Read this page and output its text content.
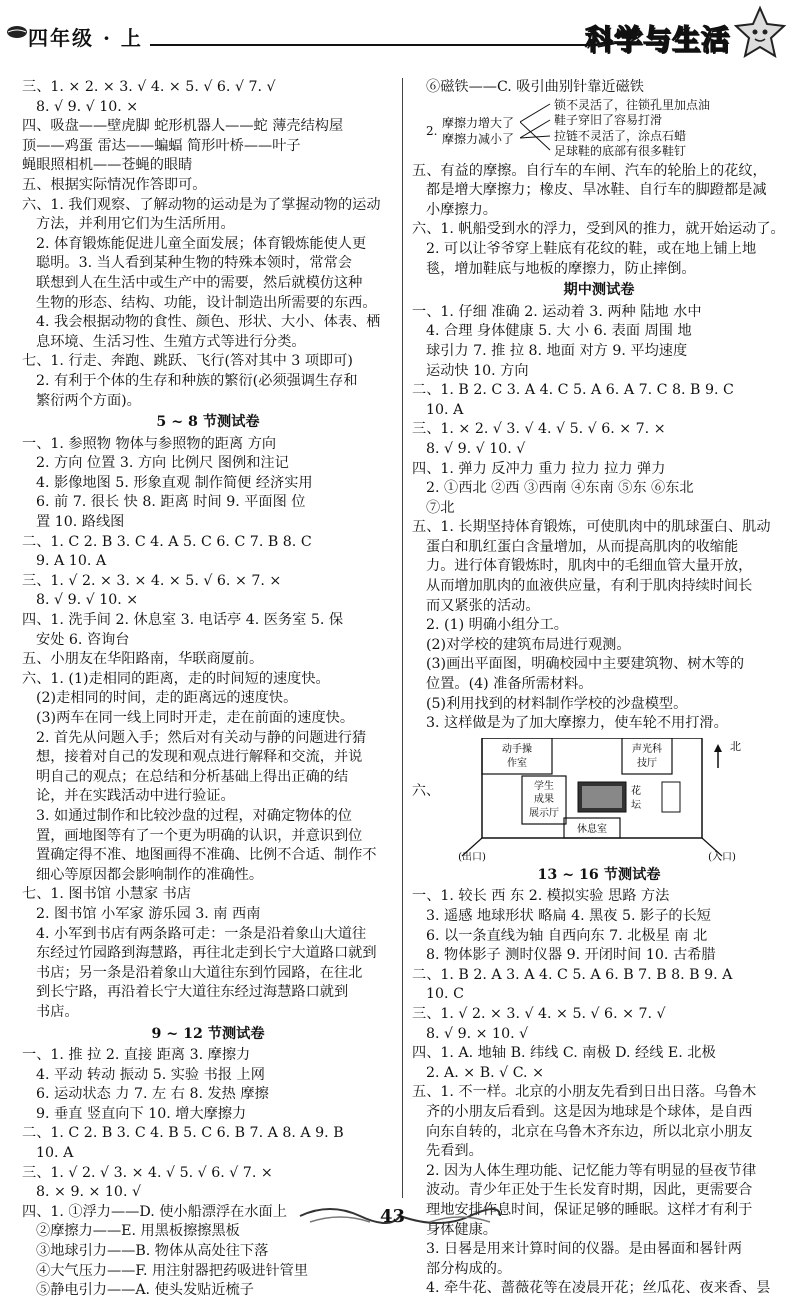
四年级 · 上	科学与生活
三、1. × 2. × 3. √ 4. × 5. √ 6. √ 7. √
8. √ 9. √ 10. ×
四、吸盘——壁虎脚 蛇形机器人——蛇 薄壳结构屋
顶——鸡蛋 雷达——蝙蝠 简形叶桥——叶子
蝇眼照相机——苍蝇的眼睛
五、根据实际情况作答即可。
六、1. 我们观察、了解动物的运动是为了掌握动物的运动
方法，并利用它们为生活所用。
2. 体育锻炼能促进儿童全面发展；体育锻炼能使人更
聪明。3. 当人看到某种生物的特殊本领时，常常会
联想到人在生活中或生产中的需要，然后就模仿这种
生物的形态、结构、功能，设计制造出所需要的东西。
4. 我会根据动物的食性、颜色、形状、大小、体表、栖
息环境、生活习性、生殖方式等进行分类。
七、1. 行走、奔跑、跳跃、飞行(答对其中 3 项即可)
2. 有利于个体的生存和种族的繁衍(必须强调生存和
繁衍两个方面)。
5 ~ 8 节测试卷
一、1. 参照物 物体与参照物的距离 方向
2. 方向 位置 3. 方向 比例尺 图例和注记
4. 影像地图 5. 形象直观 制作简便 经济实用
6. 前 7. 很长 快 8. 距离 时间 9. 平面图 位
置 10. 路线图
二、1. C 2. B 3. C 4. A 5. C 6. C 7. B 8. C
9. A 10. A
三、1. √ 2. × 3. × 4. × 5. √ 6. × 7. ×
8. √ 9. √ 10. ×
四、1. 洗手间 2. 休息室 3. 电话亭 4. 医务室 5. 保
安处 6. 咨询台
五、小朋友在华阳路南，华联商厦前。
六、1. (1)走相同的距离，走的时间短的速度快。
(2)走相同的时间，走的距离远的速度快。
(3)两车在同一线上同时开走，走在前面的速度快。
2. 首先从问题入手；然后对有关动与静的问题进行猜
想，接着对自己的发现和观点进行解释和交流，并说
明自己的观点；在总结和分析基础上得出正确的结
论，并在实践活动中进行验证。
3. 如通过制作和比较沙盘的过程，对确定物体的位
置，画地图等有了一个更为明确的认识，并意识到位
置确定得不准、地图画得不准确、比例不合适、制作不
细心等原因都会影响制作的准确性。
七、1. 图书馆 小慧家 书店
2. 图书馆 小军家 游乐园 3. 南 西南
4. 小军到书店有两条路可走：一条是沿着象山大道往
东经过竹园路到海慧路，再往北走到长宁大道路口就到
书店；另一条是沿着象山大道往东到竹园路，在往北
到长宁路，再沿着长宁大道往东经过海慧路口就到
书店。
9 ~ 12 节测试卷
一、1. 推 拉 2. 直接 距离 3. 摩擦力
4. 平动 转动 振动 5. 实验 书报 上网
6. 运动状态 力 7. 左 右 8. 发热 摩擦
9. 垂直 竖直向下 10. 增大摩擦力
二、1. C 2. B 3. C 4. B 5. C 6. B 7. A 8. A 9. B
10. A
三、1. √ 2. √ 3. × 4. √ 5. √ 6. √ 7. ×
8. × 9. × 10. √
四、1. ①浮力——D. 使小船漂浮在水面上
②摩擦力——E. 用黑板擦擦黑板
③地球引力——B. 物体从高处往下落
④大气压力——F. 用注射器把药吸进针管里
⑤静电引力——A. 使头发贴近梳子
⑥磁铁——C. 吸引曲别针靠近磁铁
2.
摩擦力增大了
摩擦力减小了
锁不灵活了，往锁孔里加点油
鞋子穿旧了容易打滑
拉链不灵活了，涂点石蜡
足球鞋的底部有很多鞋钉
五、有益的摩擦。自行车的车闸、汽车的轮胎上的花纹，
都是增大摩擦力；橡皮、旱冰鞋、自行车的脚蹬都是减
小摩擦力。
六、1. 帆船受到水的浮力，受到风的推力，就开始运动了。
2. 可以让爷爷穿上鞋底有花纹的鞋，或在地上铺上地
毯，增加鞋底与地板的摩擦力，防止摔倒。
期中测试卷
一、1. 仔细 准确 2. 运动着 3. 两种 陆地 水中
4. 合理 身体健康 5. 大 小 6. 表面 周围 地
球引力 7. 推 拉 8. 地面 对方 9. 平均速度
运动快 10. 方向
二、1. B 2. C 3. A 4. C 5. A 6. A 7. C 8. B 9. C
10. A
三、1. × 2. √ 3. √ 4. √ 5. √ 6. × 7. ×
8. √ 9. √ 10. √
四、1. 弹力 反冲力 重力 拉力 拉力 弹力
2. ①西北 ②西 ③西南 ④东南 ⑤东 ⑥东北
⑦北
五、1. 长期坚持体育锻炼，可使肌肉中的肌球蛋白、肌动
蛋白和肌红蛋白含量增加，从而提高肌肉的收缩能
力。进行体育锻炼时，肌肉中的毛细血管大量开放，
从而增加肌肉的血液供应量，有利于肌肉持续时间长
而又紧张的活动。
2. (1) 明确小组分工。
(2)对学校的建筑布局进行观测。
(3)画出平面图，明确校园中主要建筑物、树木等的
位置。(4) 准备所需材料。
(5)利用找到的材料制作学校的沙盘模型。
3. 这样做是为了加大摩擦力，使车轮不用打滑。
六、
动手操
作室
声光科
技厅
学生
成果
展示厅
花
坛
休息室
(出口)	(入口)
北
13 ~ 16 节测试卷
一、1. 较长 西 东 2. 模拟实验 思路 方法
3. 遥感 地球形状 略扁 4. 黑夜 5. 影子的长短
6. 以一条直线为轴 自西向东 7. 北极星 南 北
8. 物体影子 测时仪器 9. 开闭时间 10. 古希腊
二、1. B 2. A 3. A 4. C 5. A 6. B 7. B 8. B 9. A
10. C
三、1. √ 2. × 3. √ 4. × 5. √ 6. × 7. √
8. √ 9. × 10. √
四、1. A. 地轴 B. 纬线 C. 南极 D. 经线 E. 北极
2. A. × B. √ C. ×
五、1. 不一样。北京的小朋友先看到日出日落。乌鲁木
齐的小朋友后看到。这是因为地球是个球体，是自西
向东自转的，北京在乌鲁木齐东边，所以北京小朋友
先看到。
2. 因为人体生理功能、记忆能力等有明显的昼夜节律
波动。青少年正处于生长发育时期，因此，更需要合
理地安排作息时间，保证足够的睡眠。这样才有利于
身体健康。
3. 日晷是用来计算时间的仪器。是由晷面和晷针两
部分构成的。
4. 牵牛花、蔷薇花等在凌晨开花；丝瓜花、夜来香、昙
43
